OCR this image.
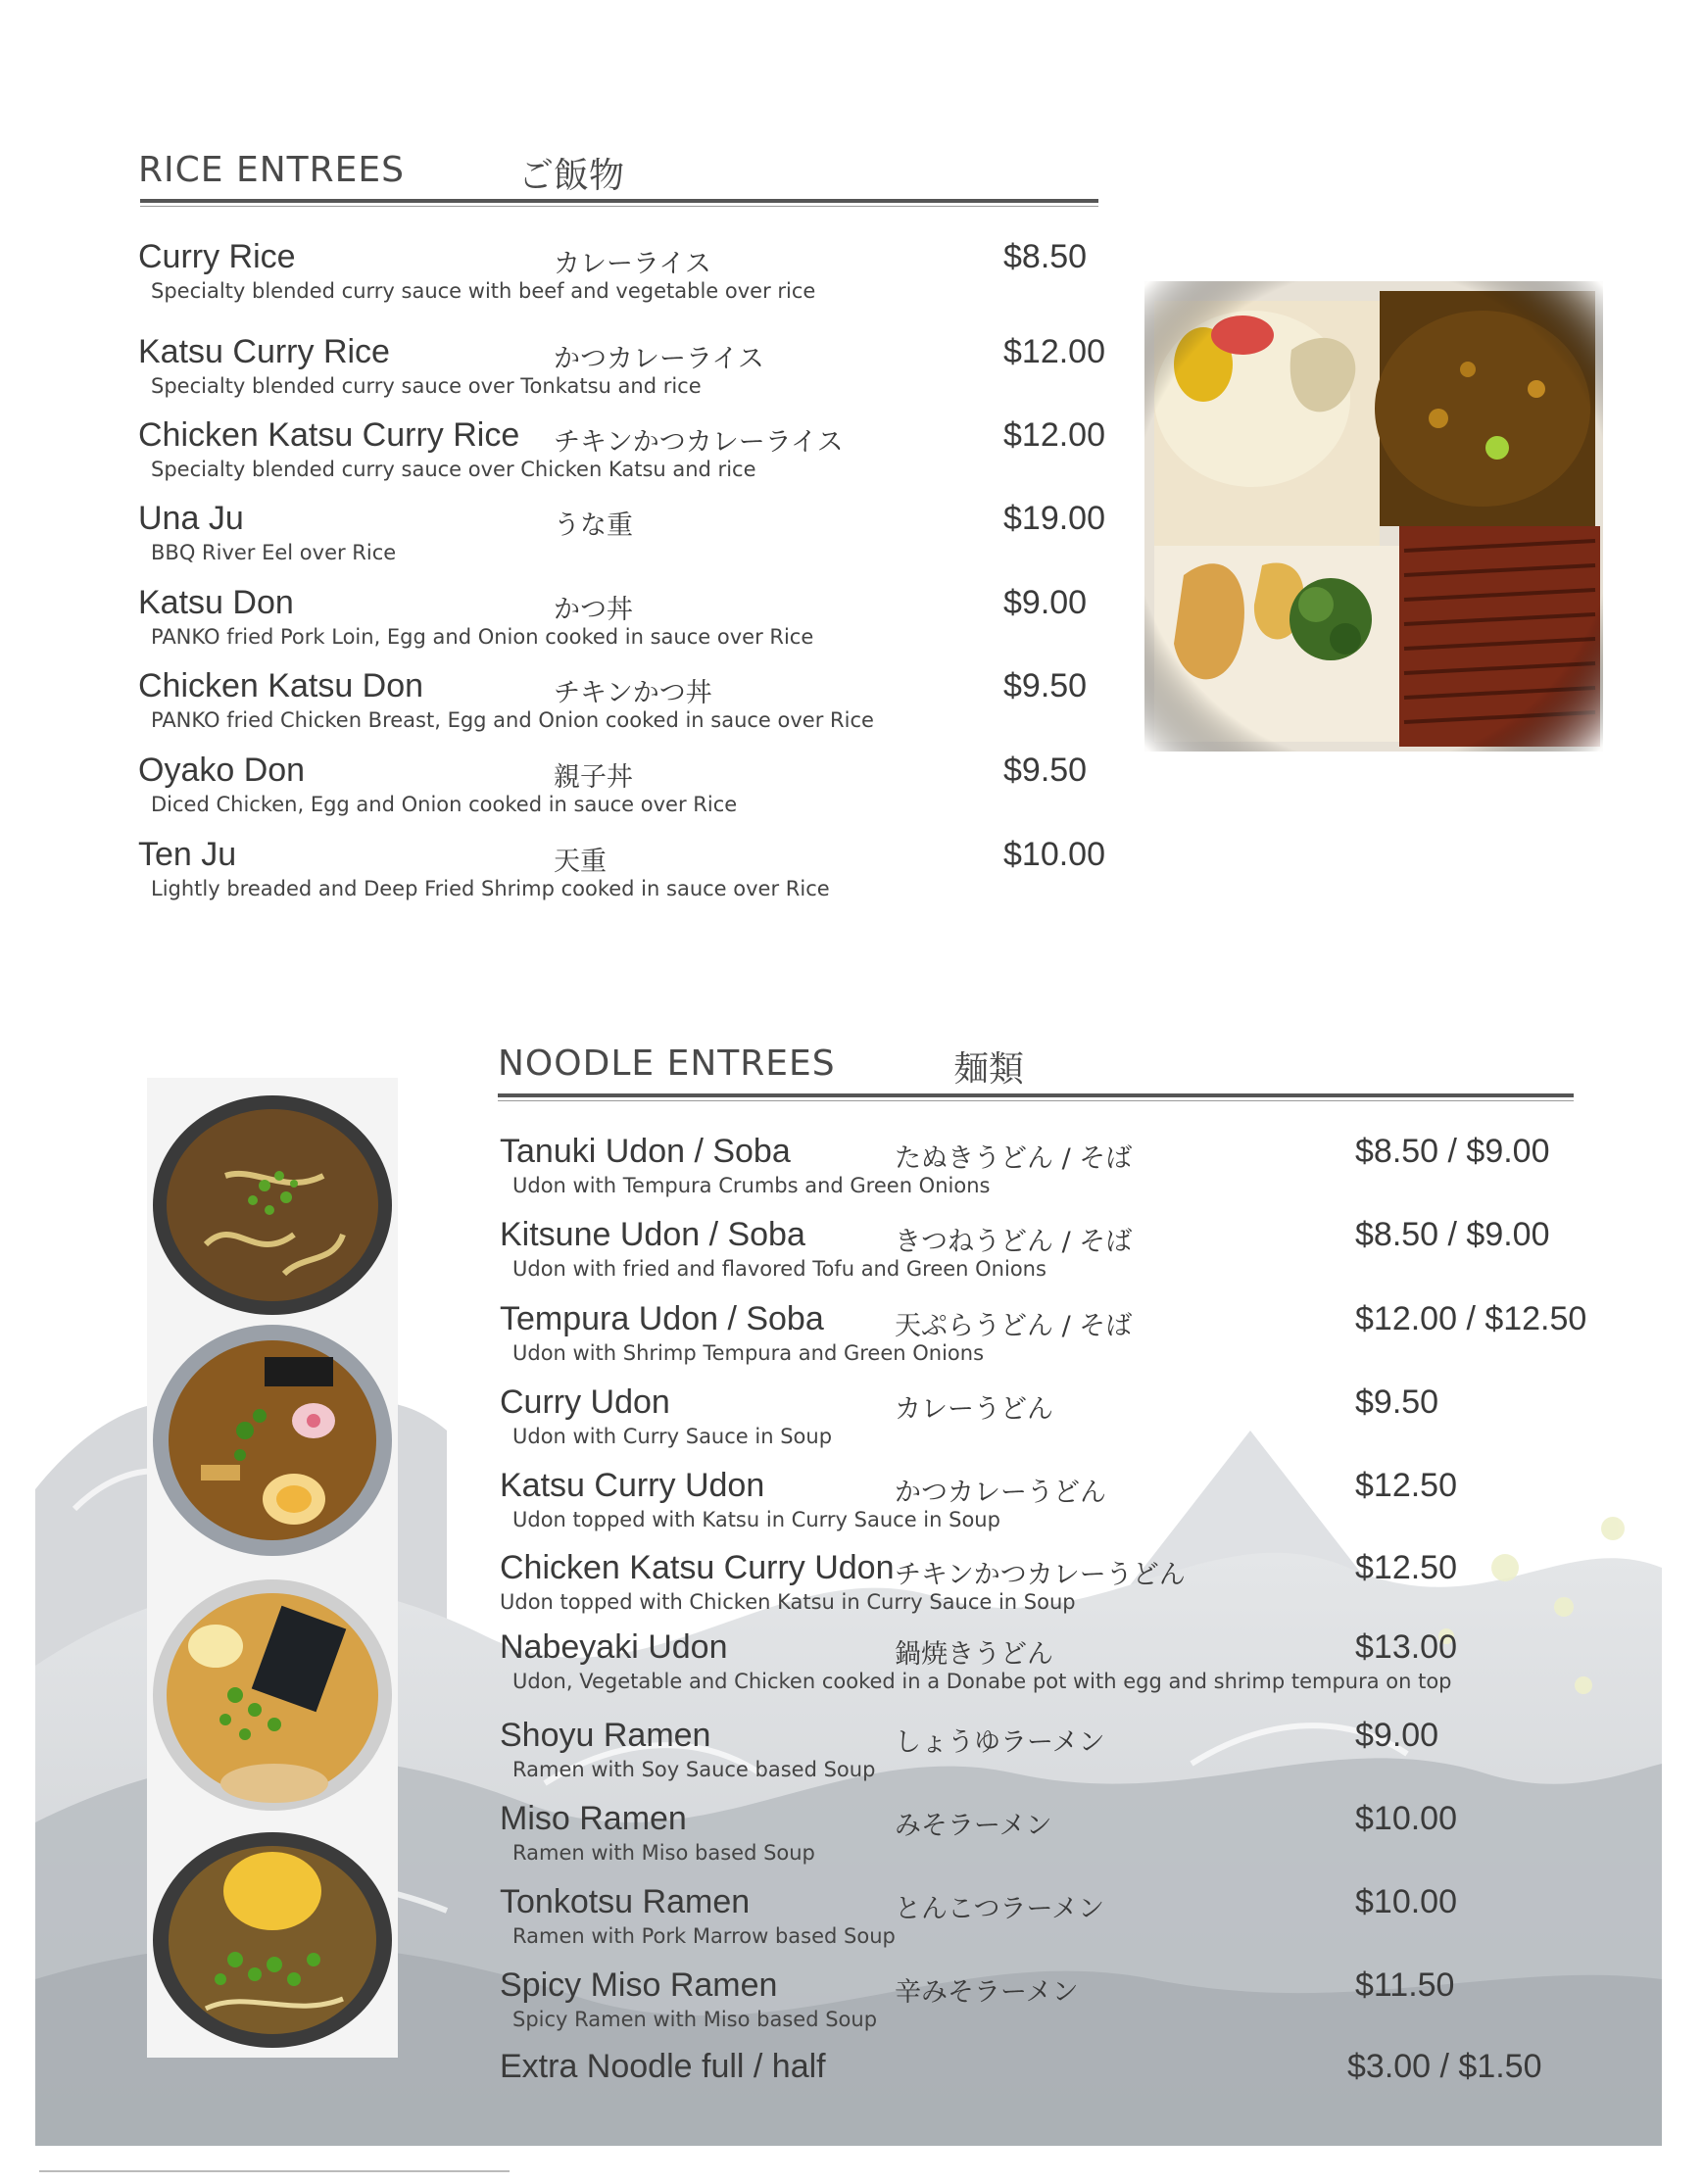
RICE ENTREES	ご飯物
Curry Rice	カレーライス	$8.50
Specialty blended curry sauce with beef and vegetable over rice
Katsu Curry Rice	かつカレーライス	$12.00
Specialty blended curry sauce over Tonkatsu and rice
Chicken Katsu Curry Rice チキンかつカレーライス	$12.00
Specialty blended curry sauce over Chicken Katsu and rice
Una Ju	うな重	$19.00
BBQ River Eel over Rice
Katsu Don	かつ丼	$9.00
PANKO fried Pork Loin, Egg and Onion cooked in sauce over Rice
Chicken Katsu Don	チキンかつ丼	$9.50
PANKO fried Chicken Breast, Egg and Onion cooked in sauce over Rice
Oyako Don	親子丼	$9.50
Diced Chicken, Egg and Onion cooked in sauce over Rice
Ten Ju	天重	$10.00
Lightly breaded and Deep Fried Shrimp cooked in sauce over Rice
NOODLE ENTREES	麺類
Tanuki Udon / Soba	たぬきうどん / そば	$8.50 / $9.00
Udon with Tempura Crumbs and Green Onions
Kitsune Udon / Soba	きつねうどん / そば	$8.50 / $9.00
Udon with fried and flavored Tofu and Green Onions
Tempura Udon / Soba	天ぷらうどん / そば	$12.00 / $12.50
Udon with Shrimp Tempura and Green Onions
Curry Udon	カレーうどん	$9.50
Udon with Curry Sauce in Soup
Katsu Curry Udon	かつカレーうどん	$12.50
Udon topped with Katsu in Curry Sauce in Soup
Chicken Katsu Curry Udon チキンかつカレーうどん	$12.50
Udon topped with Chicken Katsu in Curry Sauce in Soup
Nabeyaki Udon	鍋焼きうどん	$13.00
Udon, Vegetable and Chicken cooked in a Donabe pot with egg and shrimp tempura on top
Shoyu Ramen	しょうゆラーメン	$9.00
Ramen with Soy Sauce based Soup
Miso Ramen	みそラーメン	$10.00
Ramen with Miso based Soup
Tonkotsu Ramen	とんこつラーメン	$10.00
Ramen with Pork Marrow based Soup
Spicy Miso Ramen	辛みそラーメン	$11.50
Spicy Ramen with Miso based Soup
Extra Noodle full / half	$3.00 / $1.50
